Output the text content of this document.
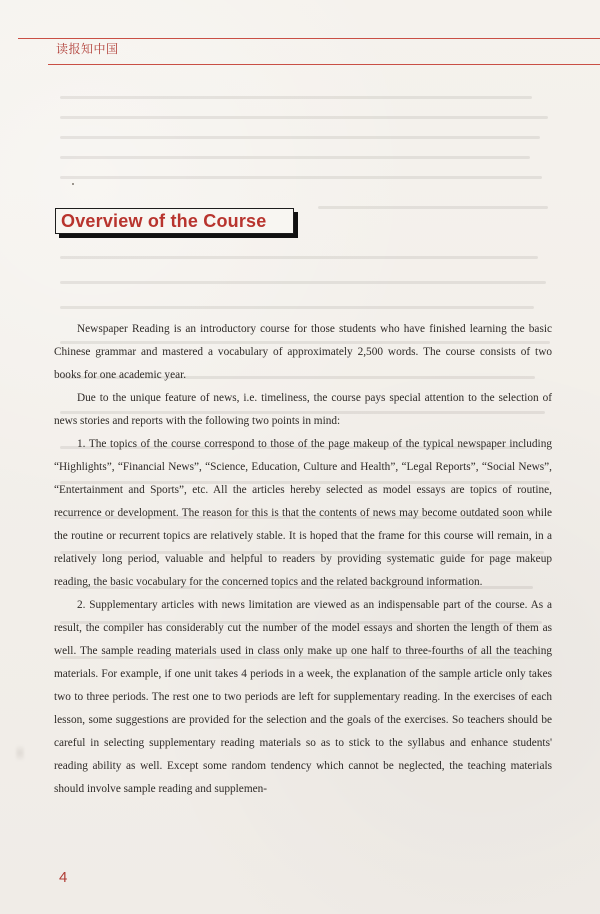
读报知中国
Overview of the Course

Newspaper Reading is an introductory course for those students who have finished learning the basic Chinese grammar and mastered a vocabulary of approximately 2,500 words. The course consists of two books for one academic year.

Due to the unique feature of news, i.e. timeliness, the course pays special attention to the selection of news stories and reports with the following two points in mind:

1. The topics of the course correspond to those of the page makeup of the typical newspaper including “Highlights”, “Financial News”, “Science, Education, Culture and Health”, “Legal Reports”, “Social News”, “Entertainment and Sports”, etc. All the articles hereby selected as model essays are topics of routine, recurrence or development. The reason for this is that the contents of news may become outdated soon while the routine or recurrent topics are relatively stable. It is hoped that the frame for this course will remain, in a relatively long period, valuable and helpful to readers by providing systematic guide for page makeup reading, the basic vocabulary for the concerned topics and the related background information.

2. Supplementary articles with news limitation are viewed as an indispensable part of the course. As a result, the compiler has considerably cut the number of the model essays and shorten the length of them as well. The sample reading materials used in class only make up one half to three-fourths of all the teaching materials. For example, if one unit takes 4 periods in a week, the explanation of the sample article only takes two to three periods. The rest one to two periods are left for supplementary reading. In the exercises of each lesson, some suggestions are provided for the selection and the goals of the exercises. So teachers should be careful in selecting supplementary reading materials so as to stick to the syllabus and enhance students' reading ability as well. Except some random tendency which cannot be neglected, the teaching materials should involve sample reading and supplemen-

4
